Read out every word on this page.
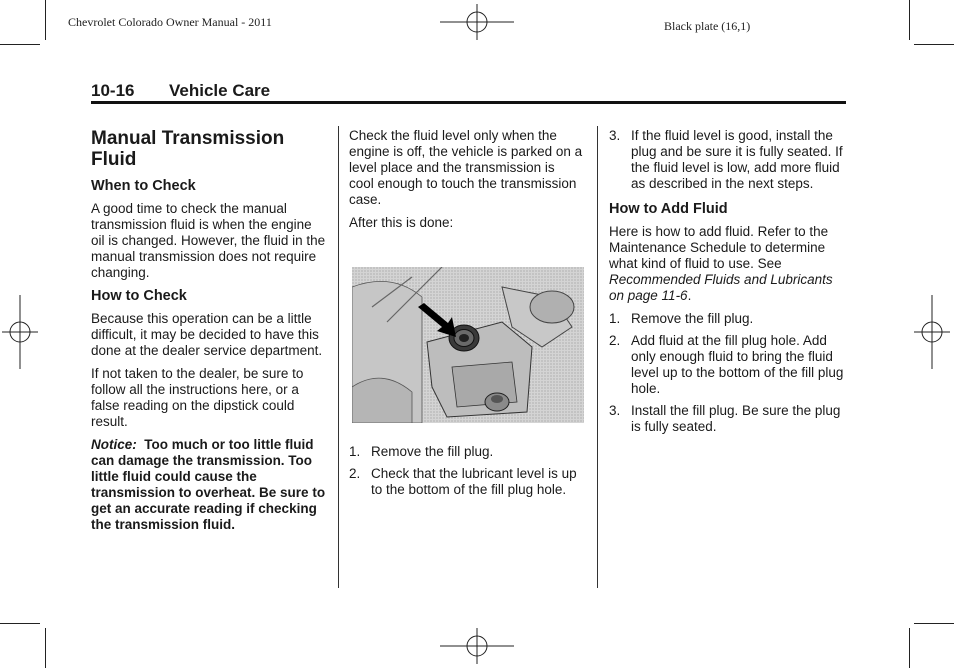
Chevrolet Colorado Owner Manual - 2011	Black plate (16,1)
10-16 Vehicle Care
Manual Transmission Fluid
When to Check

A good time to check the manual transmission fluid is when the engine oil is changed. However, the fluid in the manual transmission does not require changing.

How to Check

Because this operation can be a little difficult, it may be decided to have this done at the dealer service department.

If not taken to the dealer, be sure to follow all the instructions here, or a false reading on the dipstick could result.

Notice: Too much or too little fluid can damage the transmission. Too little fluid could cause the transmission to overheat. Be sure to get an accurate reading if checking the transmission fluid.

Check the fluid level only when the engine is off, the vehicle is parked on a level place and the transmission is cool enough to touch the transmission case.

After this is done:

1. Remove the fill plug.
2. Check that the lubricant level is up to the bottom of the fill plug hole.
3. If the fluid level is good, install the plug and be sure it is fully seated. If the fluid level is low, add more fluid as described in the next steps.
How to Add Fluid

Here is how to add fluid. Refer to the Maintenance Schedule to determine what kind of fluid to use. See Recommended Fluids and Lubricants on page 11-6.

1. Remove the fill plug.
2. Add fluid at the fill plug hole. Add only enough fluid to bring the fluid level up to the bottom of the fill plug hole.
3. Install the fill plug. Be sure the plug is fully seated.
